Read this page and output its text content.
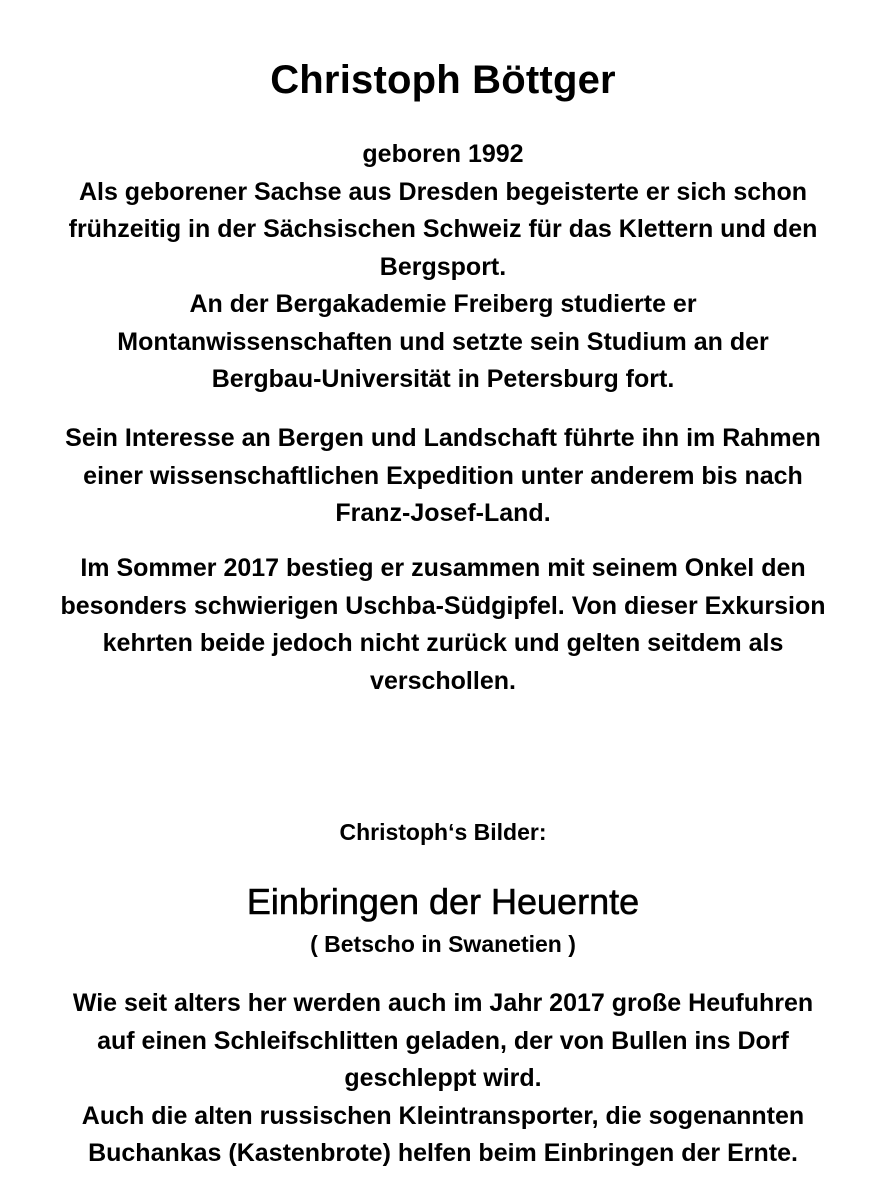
Christoph Böttger
geboren 1992
Als geborener Sachse aus Dresden begeisterte er sich schon
frühzeitig in der Sächsischen Schweiz für das Klettern und den
Bergsport.
An der Bergakademie Freiberg studierte er
Montanwissenschaften und setzte sein Studium an der
Bergbau-Universität in Petersburg fort.
Sein Interesse an Bergen und Landschaft führte ihn im Rahmen
einer wissenschaftlichen Expedition unter anderem bis nach
Franz-Josef-Land.
Im Sommer 2017 bestieg er zusammen mit seinem Onkel den
besonders schwierigen Uschba-Südgipfel. Von dieser Exkursion
kehrten beide jedoch nicht zurück und gelten seitdem als
verschollen.
Christoph‘s Bilder:
Einbringen der Heuernte
( Betscho in Swanetien )
Wie seit alters her werden auch im Jahr 2017 große Heufuhren
auf einen Schleifschlitten geladen, der von Bullen ins Dorf
geschleppt wird.
Auch die alten russischen Kleintransporter, die sogenannten
Buchankas (Kastenbrote) helfen beim Einbringen der Ernte.
